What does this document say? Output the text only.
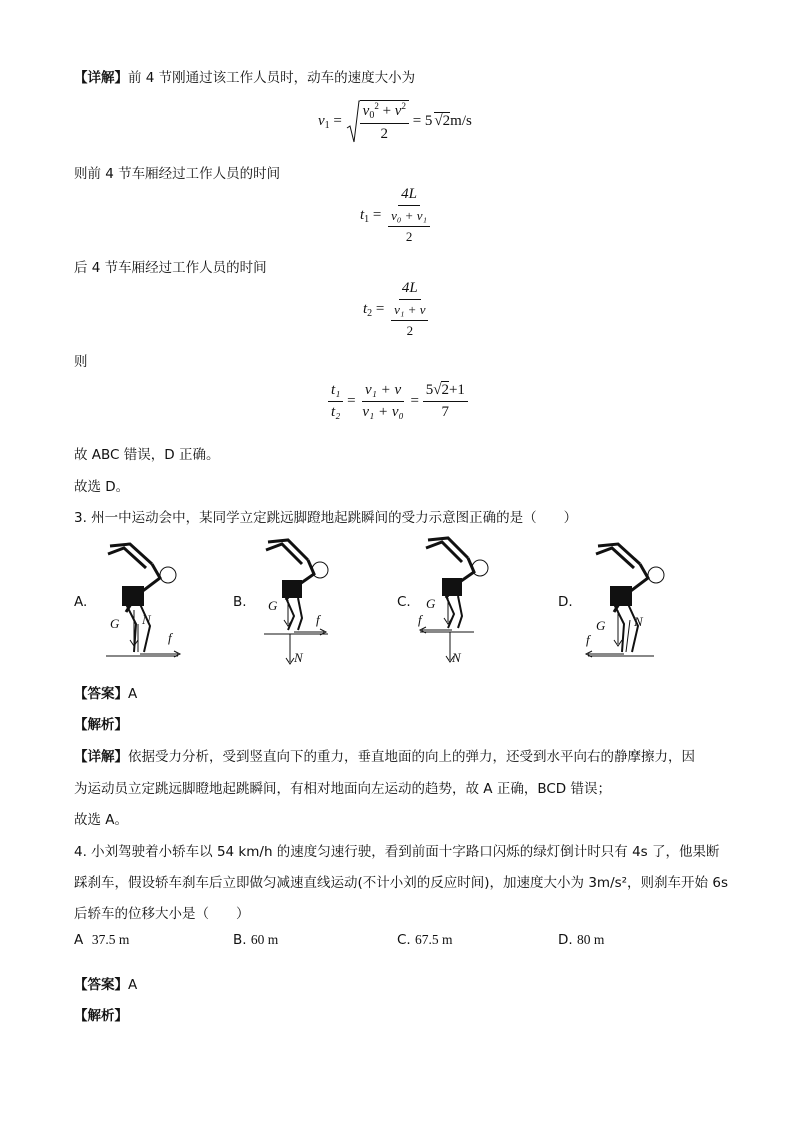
【详解】前 4 节刚通过该工作人员时，动车的速度大小为
$v_1 = \frac{v_0^2 + v^2}{2} = 5$ √2m/s
则前 4 节车厢经过工作人员的时间
$t_1 = \frac{4L}{\frac{\text{v₀ + v₁}}{2}}$
后 4 节车厢经过工作人员的时间
$t_2 = \frac{4L}{\frac{\text{v₁ + v}}{2}}$
则
$\frac{\text{t₁}}{\text{t₂}} = \frac{\text{v₁ + v}}{\text{v₁ + v₀}} = \frac{5√2+1}{7}$
故 ABC 错误，D 正确。
故选 D。
3. 州一中运动会中，某同学立定跳远脚蹬地起跳瞬间的受力示意图正确的是（　　）
A.
G N
f
B. G
f
N
C. G
f
N
D.
G N
f
【答案】A
【解析】
【详解】依据受力分析，受到竖直向下的重力，垂直地面的向上的弹力，还受到水平向右的静摩擦力，因
为运动员立定跳远脚瞪地起跳瞬间，有相对地面向左运动的趋势，故 A 正确，BCD 错误；
故选 A。
4. 小刘驾驶着小轿车以 54 km/h 的速度匀速行驶，看到前面十字路口闪烁的绿灯倒计时只有 4s 了，他果断
踩刹车，假设轿车刹车后立即做匀减速直线运动(不计小刘的反应时间)，加速度大小为 3m/s²，则刹车开始 6s
后轿车的位移大小是（　　）
A 37.5 m	B. 60 m	C. 67.5 m	D. 80 m
【答案】A
【解析】
